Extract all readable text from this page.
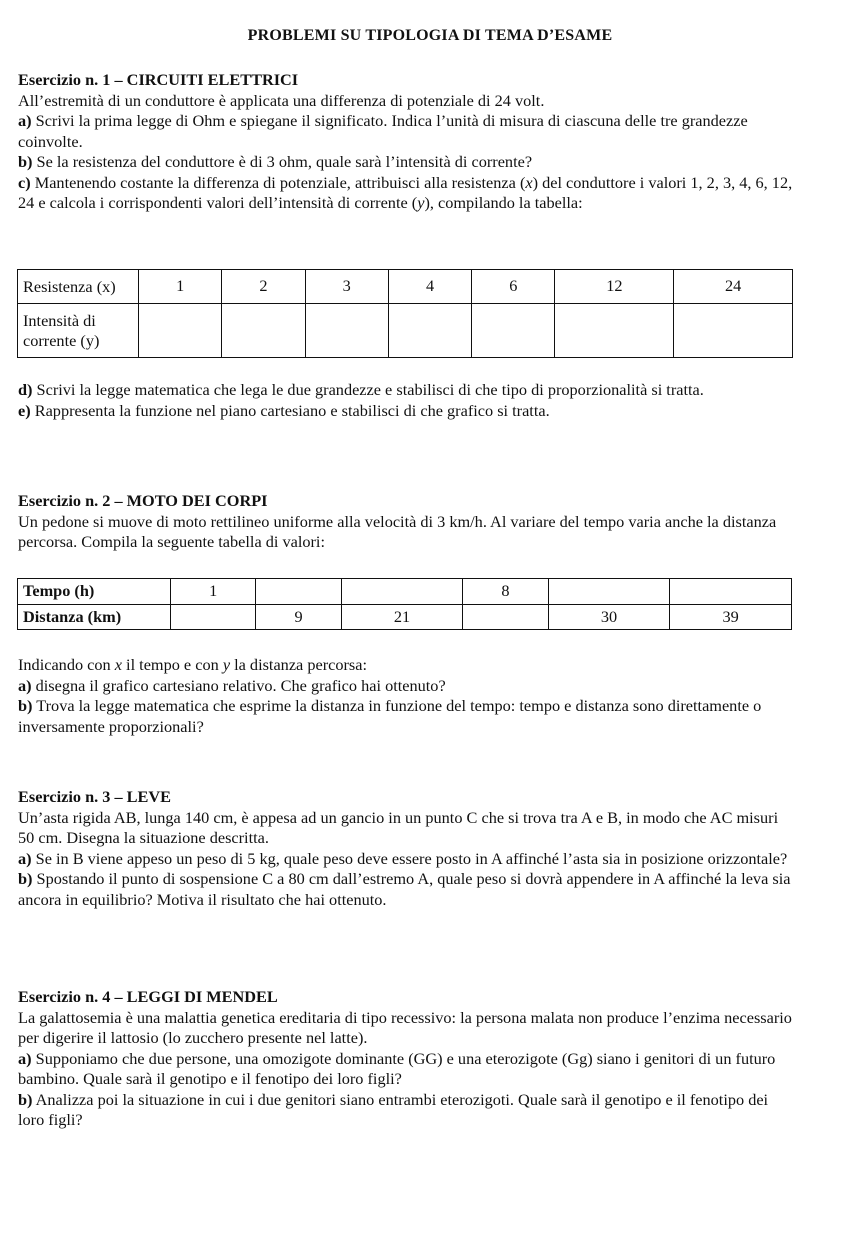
PROBLEMI SU TIPOLOGIA DI TEMA D’ESAME

Esercizio n. 1 – CIRCUITI ELETTRICI

All’estremità di un conduttore è applicata una differenza di potenziale di 24 volt.

a) Scrivi la prima legge di Ohm e spiegane il significato. Indica l’unità di misura di ciascuna delle tre grandezze coinvolte.

b) Se la resistenza del conduttore è di 3 ohm, quale sarà l’intensità di corrente?

c) Mantenendo costante la differenza di potenziale, attribuisci alla resistenza (x) del conduttore i valori 1, 2, 3, 4, 6, 12, 24 e calcola i corrispondenti valori dell’intensità di corrente (y), compilando la tabella:

Resistenza (x)	1	2	3	4	6	12	24
Intensità di corrente (y)							

d) Scrivi la legge matematica che lega le due grandezze e stabilisci di che tipo di proporzionalità si tratta.

e) Rappresenta la funzione nel piano cartesiano e stabilisci di che grafico si tratta.

Esercizio n. 2 – MOTO DEI CORPI

Un pedone si muove di moto rettilineo uniforme alla velocità di 3 km/h. Al variare del tempo varia anche la distanza percorsa. Compila la seguente tabella di valori:

Tempo (h)	1			8		
Distanza (km)		9	21		30	39

Indicando con x il tempo e con y la distanza percorsa:

a) disegna il grafico cartesiano relativo. Che grafico hai ottenuto?

b) Trova la legge matematica che esprime la distanza in funzione del tempo: tempo e distanza sono direttamente o inversamente proporzionali?

Esercizio n. 3 – LEVE

Un’asta rigida AB, lunga 140 cm, è appesa ad un gancio in un punto C che si trova tra A e B, in modo che AC misuri 50 cm. Disegna la situazione descritta.

a) Se in B viene appeso un peso di 5 kg, quale peso deve essere posto in A affinché l’asta sia in posizione orizzontale?

b) Spostando il punto di sospensione C a 80 cm dall’estremo A, quale peso si dovrà appendere in A affinché la leva sia ancora in equilibrio? Motiva il risultato che hai ottenuto.

Esercizio n. 4 – LEGGI DI MENDEL

La galattosemia è una malattia genetica ereditaria di tipo recessivo: la persona malata non produce l’enzima necessario per digerire il lattosio (lo zucchero presente nel latte).

a) Supponiamo che due persone, una omozigote dominante (GG) e una eterozigote (Gg) siano i genitori di un futuro bambino. Quale sarà il genotipo e il fenotipo dei loro figli?

b) Analizza poi la situazione in cui i due genitori siano entrambi eterozigoti. Quale sarà il genotipo e il fenotipo dei loro figli?
